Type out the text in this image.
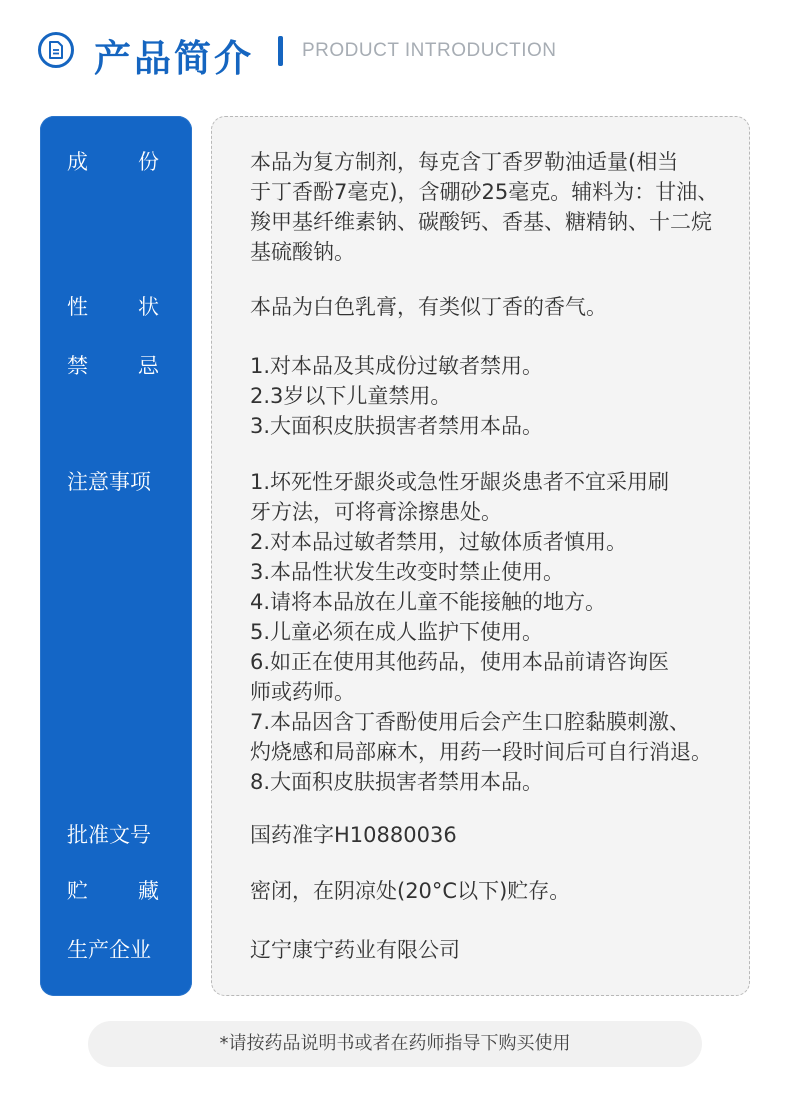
产品简介	PRODUCT INTRODUCTION
成 份	本品为复方制剂，每克含丁香罗勒油适量(相当
于丁香酚7毫克)，含硼砂25毫克。辅料为：甘油、
羧甲基纤维素钠、碳酸钙、香基、糖精钠、十二烷
基硫酸钠。
性 状	本品为白色乳膏，有类似丁香的香气。
禁 忌	1.对本品及其成份过敏者禁用。
2.3岁以下儿童禁用。
3.大面积皮肤损害者禁用本品。
注意事项	1.坏死性牙龈炎或急性牙龈炎患者不宜采用刷
牙方法，可将膏涂擦患处。
2.对本品过敏者禁用，过敏体质者慎用。
3.本品性状发生改变时禁止使用。
4.请将本品放在儿童不能接触的地方。
5.儿童必须在成人监护下使用。
6.如正在使用其他药品，使用本品前请咨询医
师或药师。
7.本品因含丁香酚使用后会产生口腔黏膜刺激、
灼烧感和局部麻木，用药一段时间后可自行消退。
8.大面积皮肤损害者禁用本品。
批准文号	国药准字H10880036
贮 藏	密闭，在阴凉处(20°C以下)贮存。
生产企业	辽宁康宁药业有限公司
*请按药品说明书或者在药师指导下购买使用
